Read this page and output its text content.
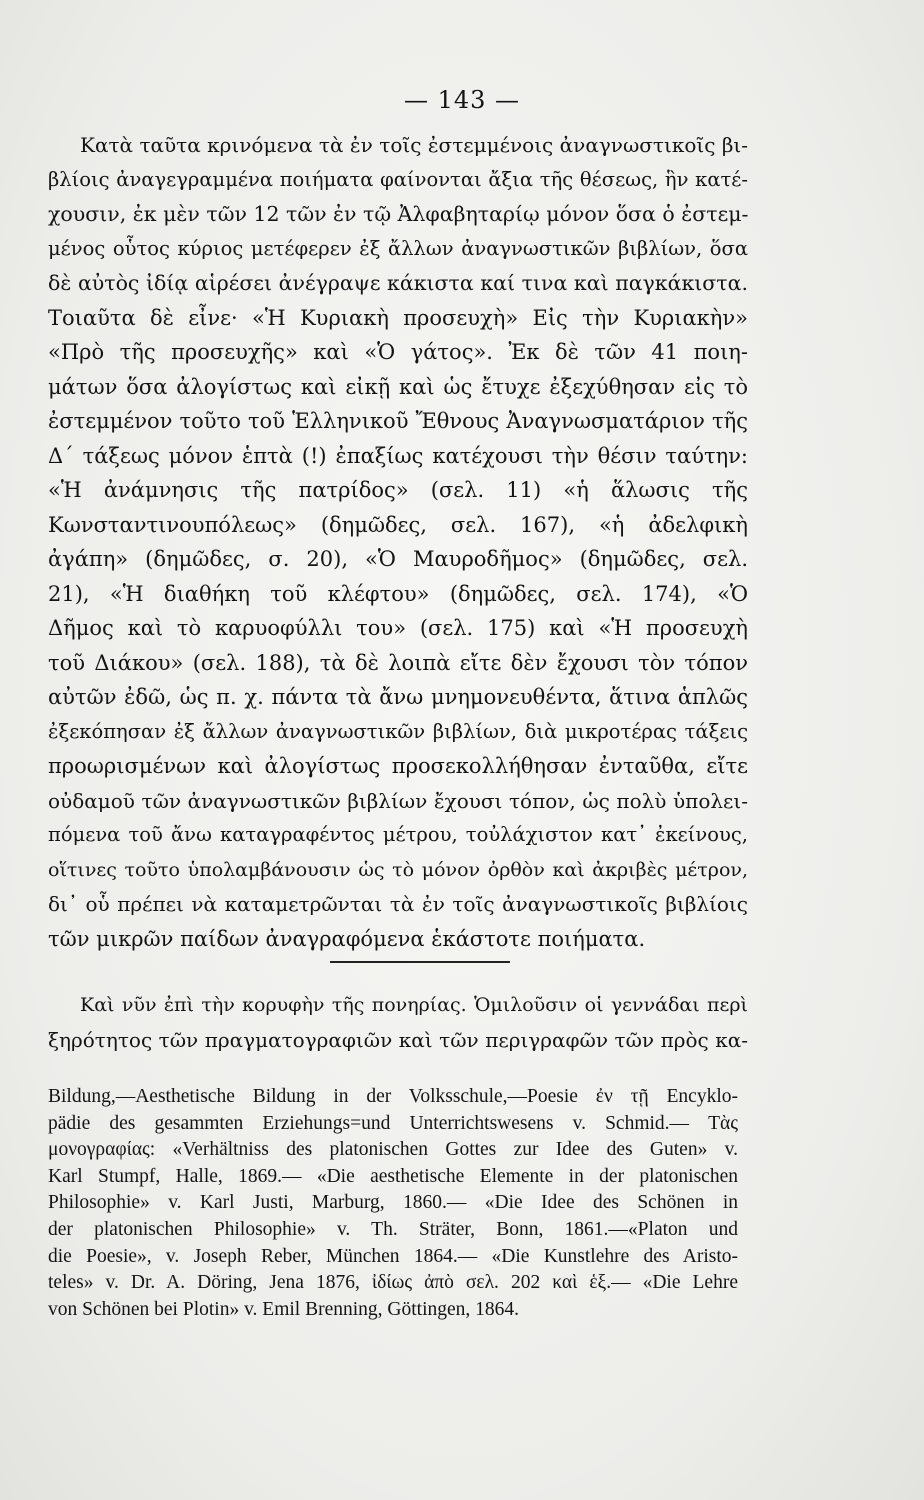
— 143 —
Κατὰ ταῦτα κρινόμενα τὰ ἐν τοῖς ἐστεμμένοις ἀναγνωστικοῖς βι-
βλίοις ἀναγεγραμμένα ποιήματα φαίνονται ἄξια τῆς θέσεως, ἣν κατέ-
χουσιν, ἐκ μὲν τῶν 12 τῶν ἐν τῷ Ἀλφαβηταρίῳ μόνον ὅσα ὁ ἐστεμ-
μένος οὗτος κύριος μετέφερεν ἐξ ἄλλων ἀναγνωστικῶν βιβλίων, ὅσα
δὲ αὐτὸς ἰδίᾳ αἱρέσει ἀνέγραψε κάκιστα καί τινα καὶ παγκάκιστα.
Τοιαῦτα δὲ εἶνε· «Ἡ Κυριακὴ προσευχὴ» Εἰς τὴν Κυριακὴν»
«Πρὸ τῆς προσευχῆς» καὶ «Ὁ γάτος». Ἐκ δὲ τῶν 41 ποιη-
μάτων ὅσα ἀλογίστως καὶ εἰκῇ καὶ ὡς ἔτυχε ἐξεχύθησαν εἰς τὸ
ἐστεμμένον τοῦτο τοῦ Ἑλληνικοῦ Ἔθνους Ἀναγνωσματάριον τῆς
Δ΄ τάξεως μόνον ἑπτὰ (!) ἐπαξίως κατέχουσι τὴν θέσιν ταύτην:
«Ἡ ἀνάμνησις τῆς πατρίδος» (σελ. 11) «ἡ ἅλωσις τῆς
Κωνσταντινουπόλεως» (δημῶδες, σελ. 167), «ἡ ἀδελφικὴ
ἀγάπη» (δημῶδες, σ. 20), «Ὁ Μαυροδῆμος» (δημῶδες, σελ.
21), «Ἡ διαθήκη τοῦ κλέφτου» (δημῶδες, σελ. 174), «Ὁ
Δῆμος καὶ τὸ καρυοφύλλι του» (σελ. 175) καὶ «Ἡ προσευχὴ
τοῦ Διάκου» (σελ. 188), τὰ δὲ λοιπὰ εἴτε δὲν ἔχουσι τὸν τόπον
αὐτῶν ἐδῶ, ὡς π. χ. πάντα τὰ ἄνω μνημονευθέντα, ἅτινα ἁπλῶς
ἐξεκόπησαν ἐξ ἄλλων ἀναγνωστικῶν βιβλίων, διὰ μικροτέρας τάξεις
προωρισμένων καὶ ἀλογίστως προσεκολλήθησαν ἐνταῦθα, εἴτε
οὐδαμοῦ τῶν ἀναγνωστικῶν βιβλίων ἔχουσι τόπον, ὡς πολὺ ὑπολει-
πόμενα τοῦ ἄνω καταγραφέντος μέτρου, τοὐλάχιστον κατ᾽ ἐκείνους,
οἵτινες τοῦτο ὑπολαμβάνουσιν ὡς τὸ μόνον ὀρθὸν καὶ ἀκριβὲς μέτρον,
δι᾽ οὗ πρέπει νὰ καταμετρῶνται τὰ ἐν τοῖς ἀναγνωστικοῖς βιβλίοις
τῶν μικρῶν παίδων ἀναγραφόμενα ἑκάστοτε ποιήματα.
Καὶ νῦν ἐπὶ τὴν κορυφὴν τῆς πονηρίας. Ὁμιλοῦσιν οἱ γεννάδαι περὶ
ξηρότητος τῶν πραγματογραφιῶν καὶ τῶν περιγραφῶν τῶν πρὸς κα-
Bildung,—Aesthetische Bildung in der Volksschule,—Poesie ἐν τῇ Encyklo-
pädie des gesammten Erziehungs=und Unterrichtswesens v. Schmid.— Τὰς
μονογραφίας: «Verhältniss des platonischen Gottes zur Idee des Guten» v.
Karl Stumpf, Halle, 1869.— «Die aesthetische Elemente in der platonischen
Philosophie» v. Karl Justi, Marburg, 1860.— «Die Idee des Schönen in
der platonischen Philosophie» v. Th. Sträter, Bonn, 1861.—«Platon und
die Poesie», v. Joseph Reber, München 1864.— «Die Kunstlehre des Aristo-
teles» v. Dr. A. Döring, Jena 1876, ἰδίως ἀπὸ σελ. 202 καὶ ἑξ.— «Die Lehre
von Schönen bei Plotin» v. Emil Brenning, Göttingen, 1864.
